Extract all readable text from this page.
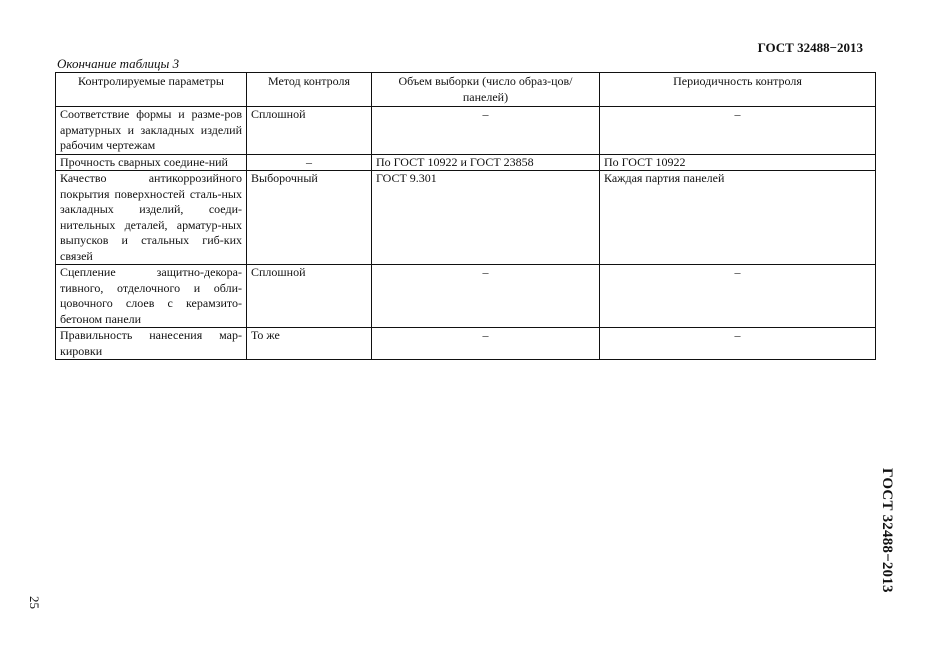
ГОСТ 32488−2013
Окончание таблицы 3
Контролируемые параметры	Метод контроля	Объем выборки (число образ-цов/панелей)	Периодичность контроля
Соответствие формы и разме-ров арматурных и закладных изделий рабочим чертежам	Сплошной	–	–
Прочность сварных соедине-ний	–	По ГОСТ 10922 и ГОСТ 23858	По ГОСТ 10922
Качество антикоррозийного покрытия поверхностей сталь-ных закладных изделий, соеди-нительных деталей, арматур-ных выпусков и стальных гиб-ких связей	Выборочный	ГОСТ 9.301	Каждая партия панелей
Сцепление защитно-декора-тивного, отделочного и обли-цовочного слоев с керамзито-бетоном панели	Сплошной	–	–
Правильность нанесения мар-кировки	То же	–	–
ГОСТ 32488−2013
25
